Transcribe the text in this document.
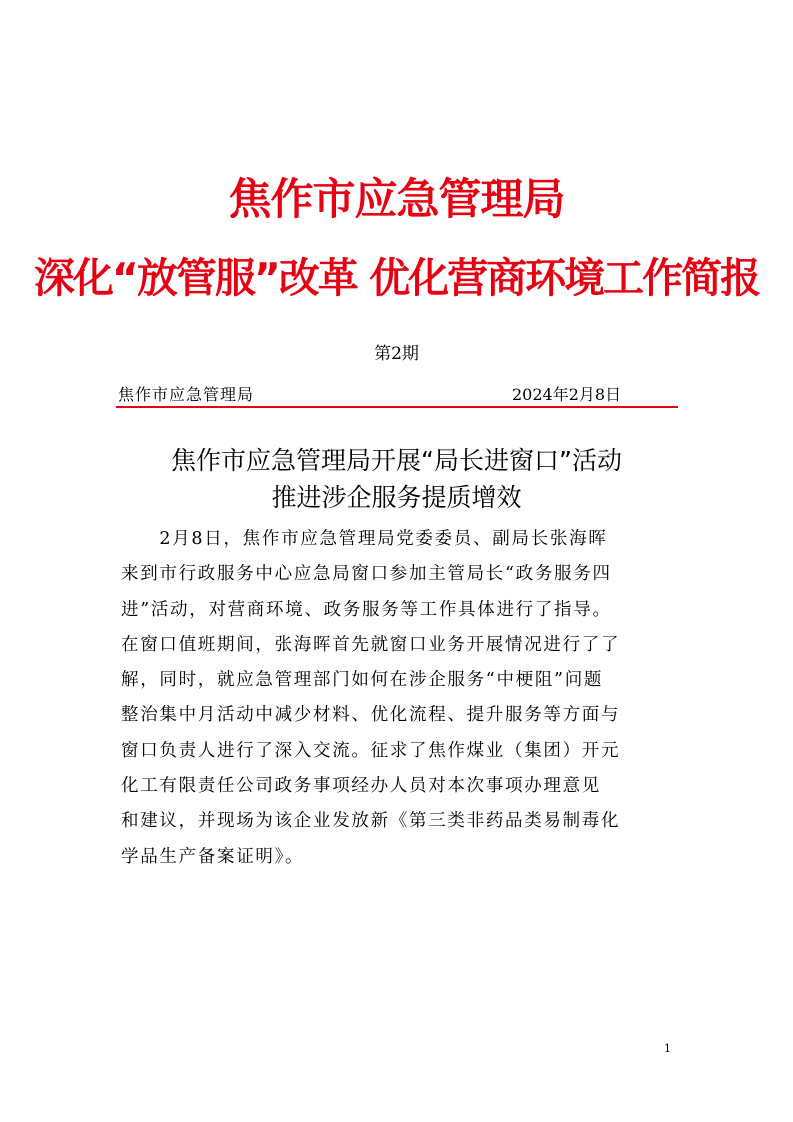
焦作市应急管理局
深化“放管服”改革 优化营商环境工作简报
第2期
焦作市应急管理局	2024年2月8日
焦作市应急管理局开展“局长进窗口”活动
推进涉企服务提质增效
　　2月8日，焦作市应急管理局党委委员、副局长张海晖
来到市行政服务中心应急局窗口参加主管局长“政务服务四
进”活动，对营商环境、政务服务等工作具体进行了指导。
在窗口值班期间，张海晖首先就窗口业务开展情况进行了了
解，同时，就应急管理部门如何在涉企服务“中梗阻”问题
整治集中月活动中减少材料、优化流程、提升服务等方面与
窗口负责人进行了深入交流。征求了焦作煤业（集团）开元
化工有限责任公司政务事项经办人员对本次事项办理意见
和建议，并现场为该企业发放新《第三类非药品类易制毒化
学品生产备案证明》。
1
